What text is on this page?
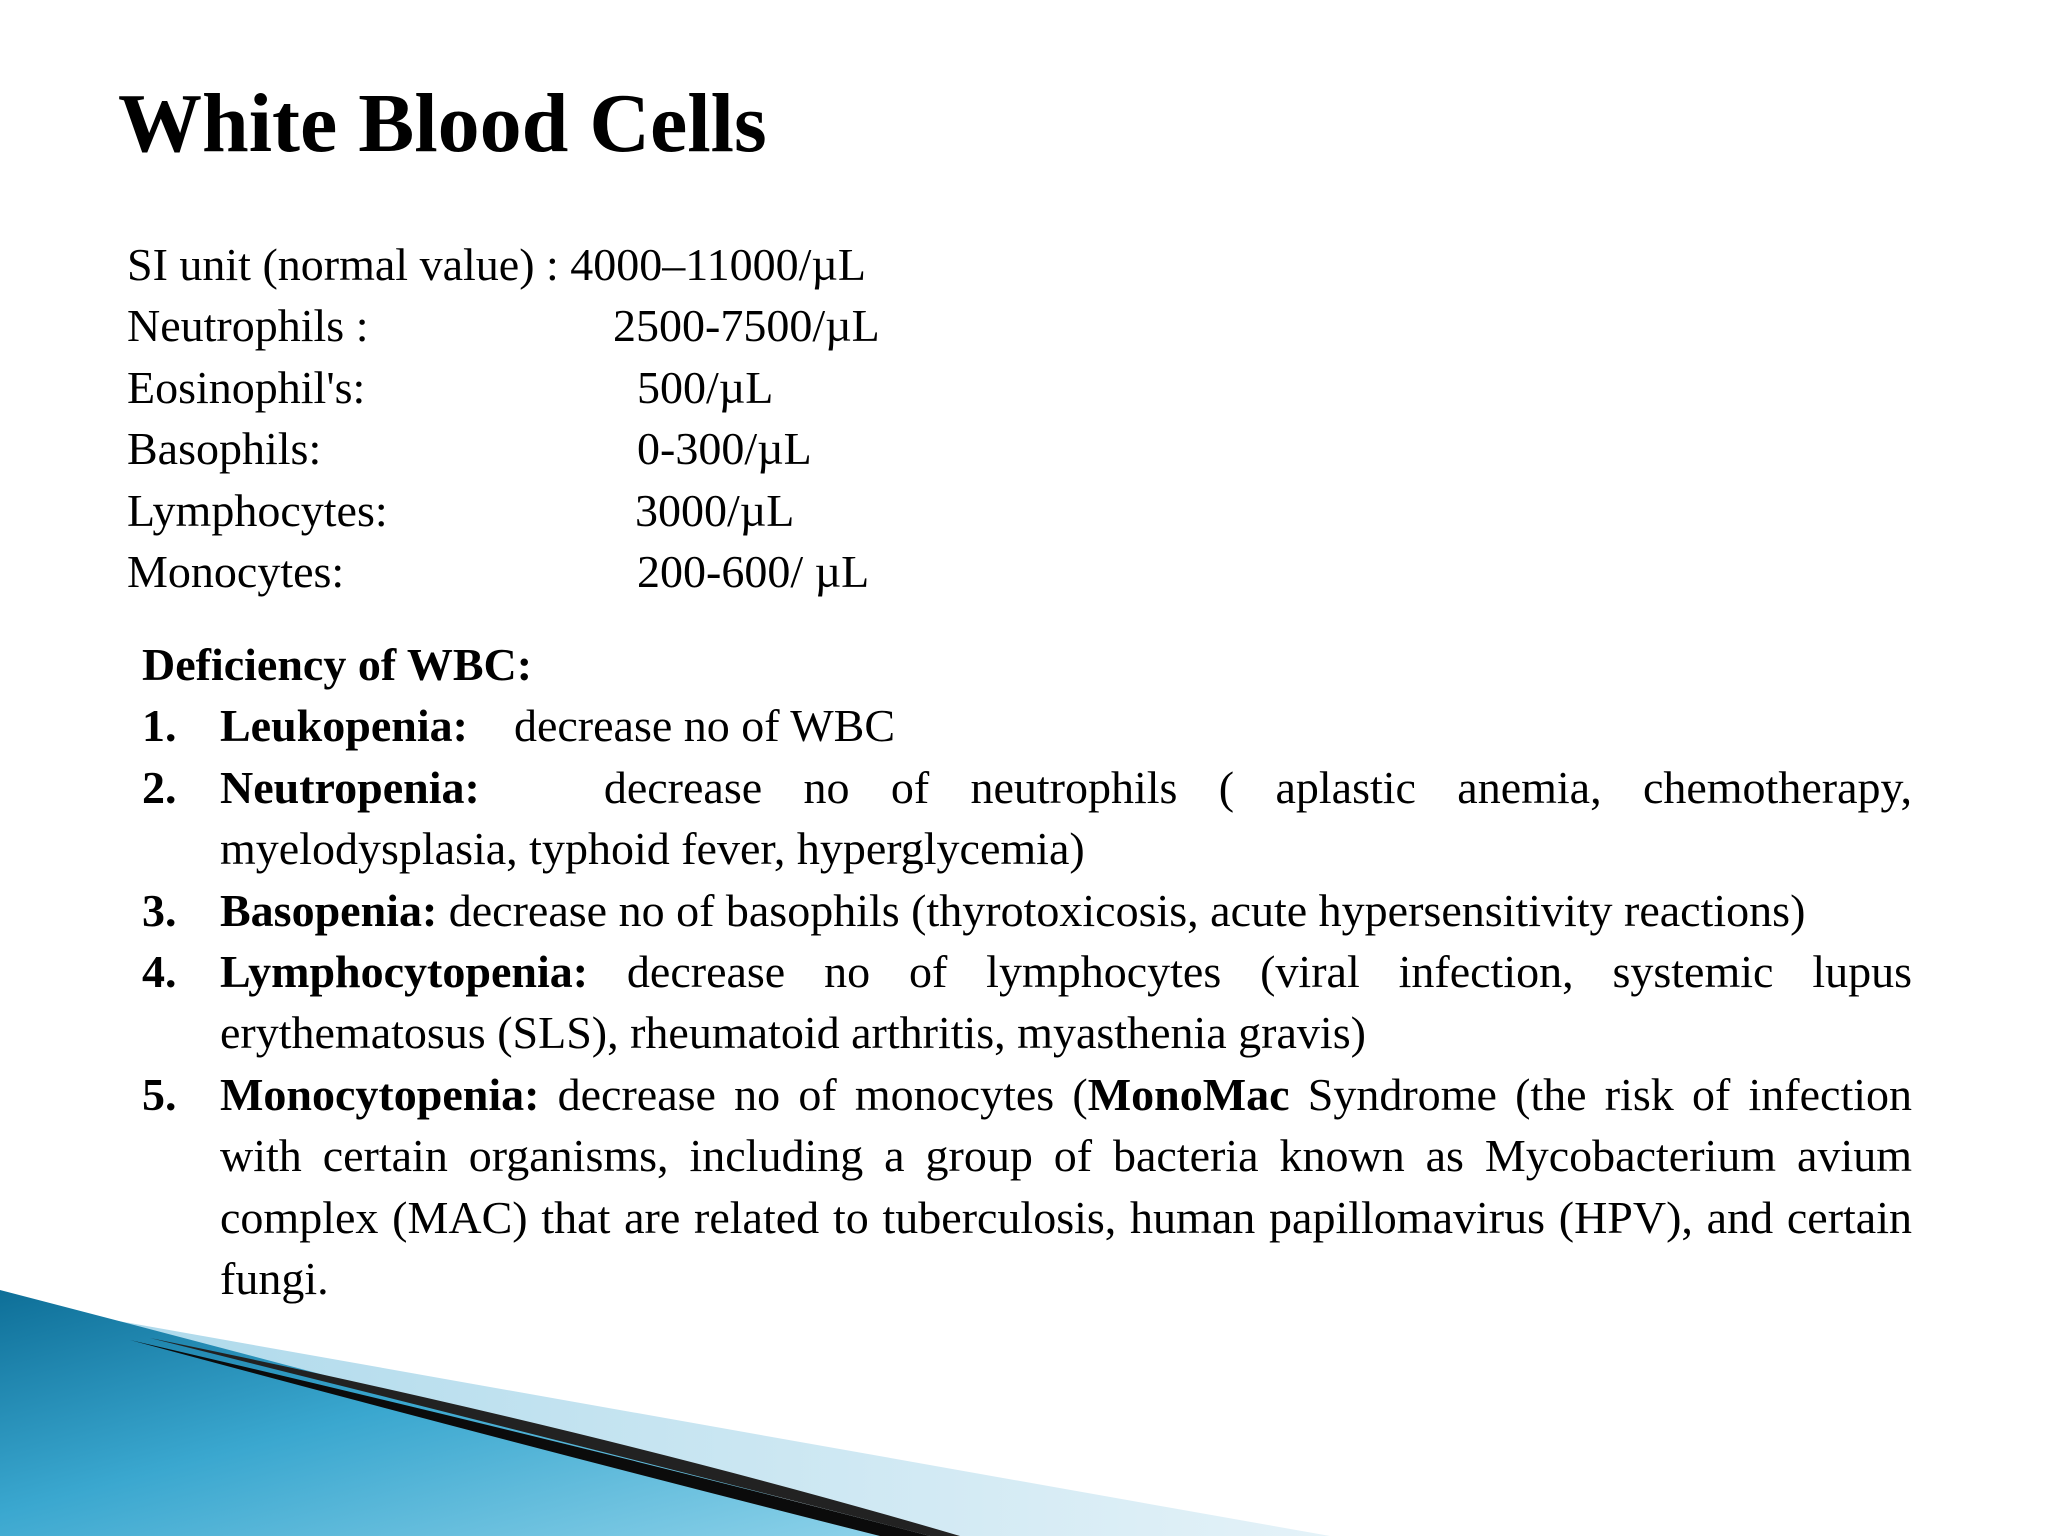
White Blood Cells
SI unit (normal value) : 4000–11000/µL
Neutrophils :	2500-7500/µL
Eosinophil's:	500/µL
Basophils:	0-300/µL
Lymphocytes:	3000/µL
Monocytes:	200-600/ µL

Deficiency of WBC:

1. Leukopenia: decrease no of WBC
2. Neutropenia:	decrease no of neutrophils ( aplastic anemia, chemotherapy, myelodysplasia, typhoid fever, hyperglycemia)
3. Basopenia: decrease no of basophils (thyrotoxicosis, acute hypersensitivity reactions)
4. Lymphocytopenia: decrease no of lymphocytes (viral infection, systemic lupus erythematosus (SLS), rheumatoid arthritis, myasthenia gravis)
5. Monocytopenia: decrease no of monocytes (MonoMac Syndrome (the risk of infection with certain organisms, including a group of bacteria known as Mycobacterium avium complex (MAC) that are related to tuberculosis, human papillomavirus (HPV), and certain fungi.
